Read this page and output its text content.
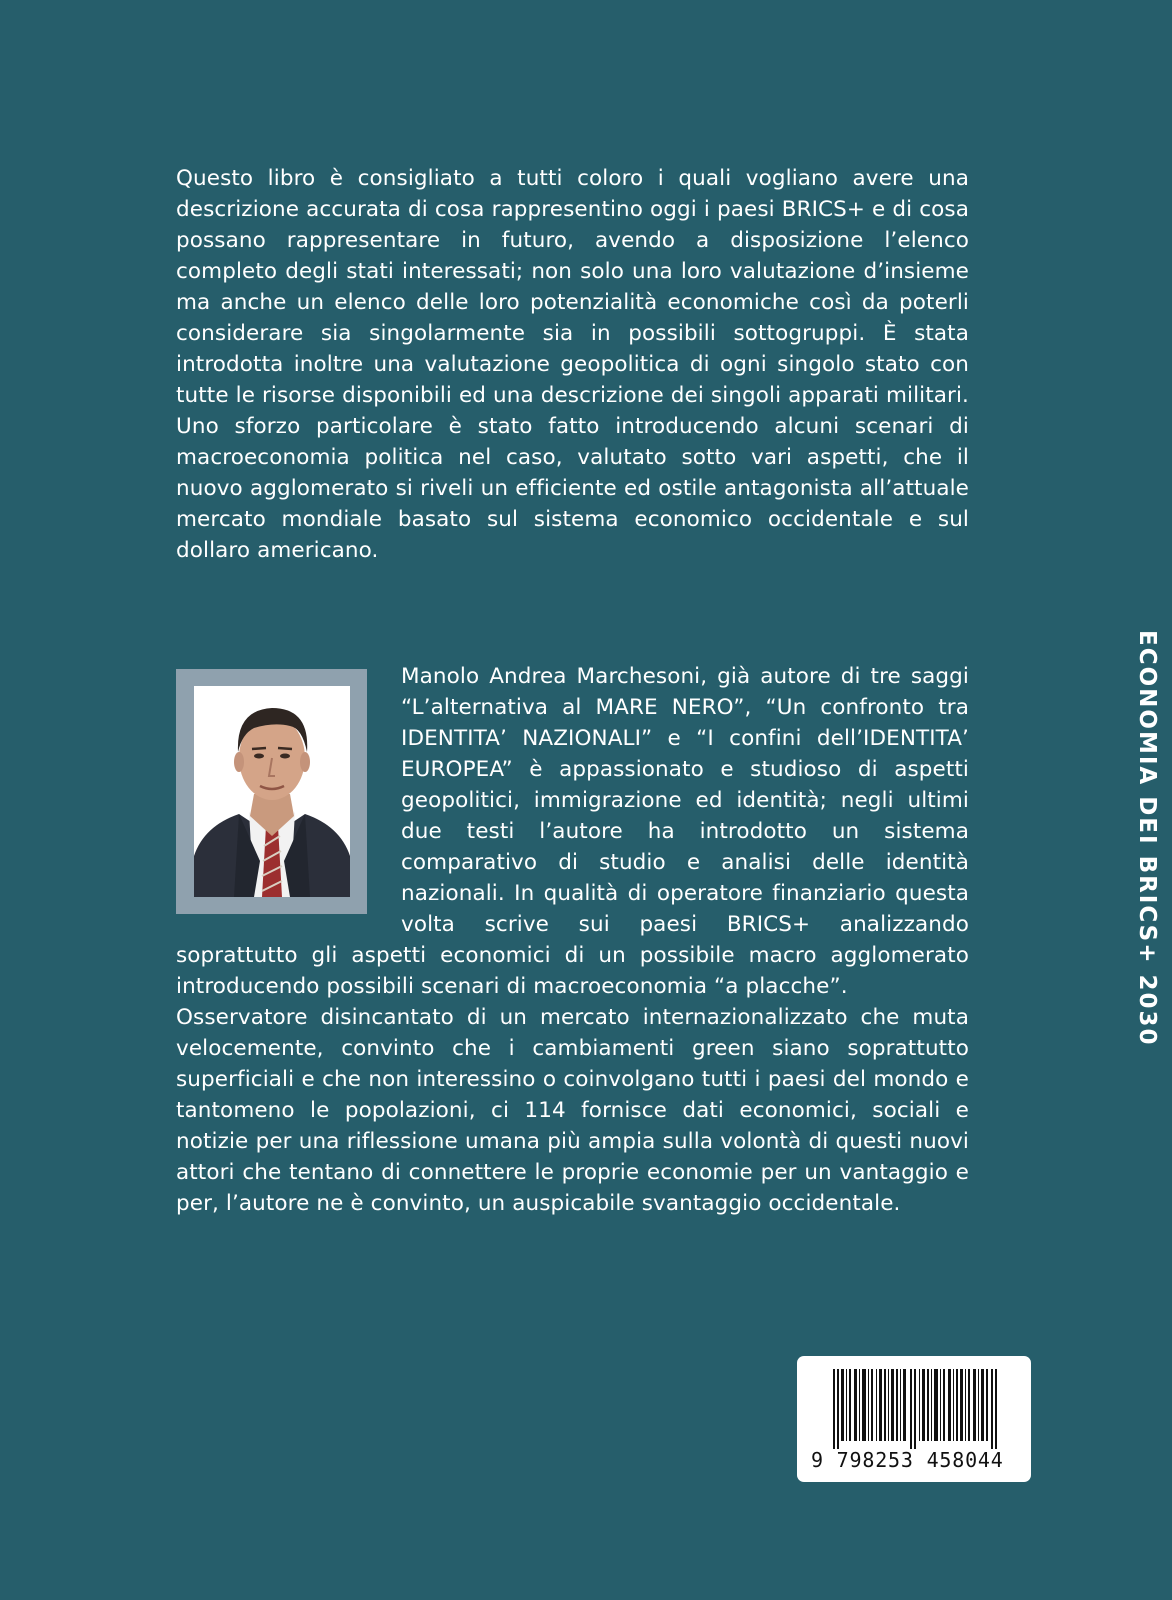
Questo libro è consigliato a tutti coloro i quali vogliano avere una descrizione accurata di cosa rappresentino oggi i paesi BRICS+ e di cosa possano rappresentare in futuro, avendo a disposizione l’elenco completo degli stati interessati; non solo una loro valutazione d’insieme ma anche un elenco delle loro potenzialità economiche così da poterli considerare sia singolarmente sia in possibili sottogruppi. È stata introdotta inoltre una valutazione geopolitica di ogni singolo stato con tutte le risorse disponibili ed una descrizione dei singoli apparati militari. Uno sforzo particolare è stato fatto introducendo alcuni scenari di macroeconomia politica nel caso, valutato sotto vari aspetti, che il nuovo agglomerato si riveli un efficiente ed ostile antagonista all’attuale mercato mondiale basato sul sistema economico occidentale e sul dollaro americano.

Manolo Andrea Marchesoni, già autore di tre saggi “L’alternativa al MARE NERO”, “Un confronto tra IDENTITA’ NAZIONALI” e “I confini dell’IDENTITA’ EUROPEA” è appassionato e studioso di aspetti geopolitici, immigrazione ed identità; negli ultimi due testi l’autore ha introdotto un sistema comparativo di studio e analisi delle identità nazionali. In qualità di operatore finanziario questa volta scrive sui paesi BRICS+ analizzando soprattutto gli aspetti economici di un possibile macro agglomerato introducendo possibili scenari di macroeconomia “a placche”.

Osservatore disincantato di un mercato internazionalizzato che muta velocemente, convinto che i cambiamenti green siano soprattutto superficiali e che non interessino o coinvolgano tutti i paesi del mondo e tantomeno le popolazioni, ci 114 fornisce dati economici, sociali e notizie per una riflessione umana più ampia sulla volontà di questi nuovi attori che tentano di connettere le proprie economie per un vantaggio e per, l’autore ne è convinto, un auspicabile svantaggio occidentale.

ECONOMIA DEI BRICS+ 2030
9 798253 458044
